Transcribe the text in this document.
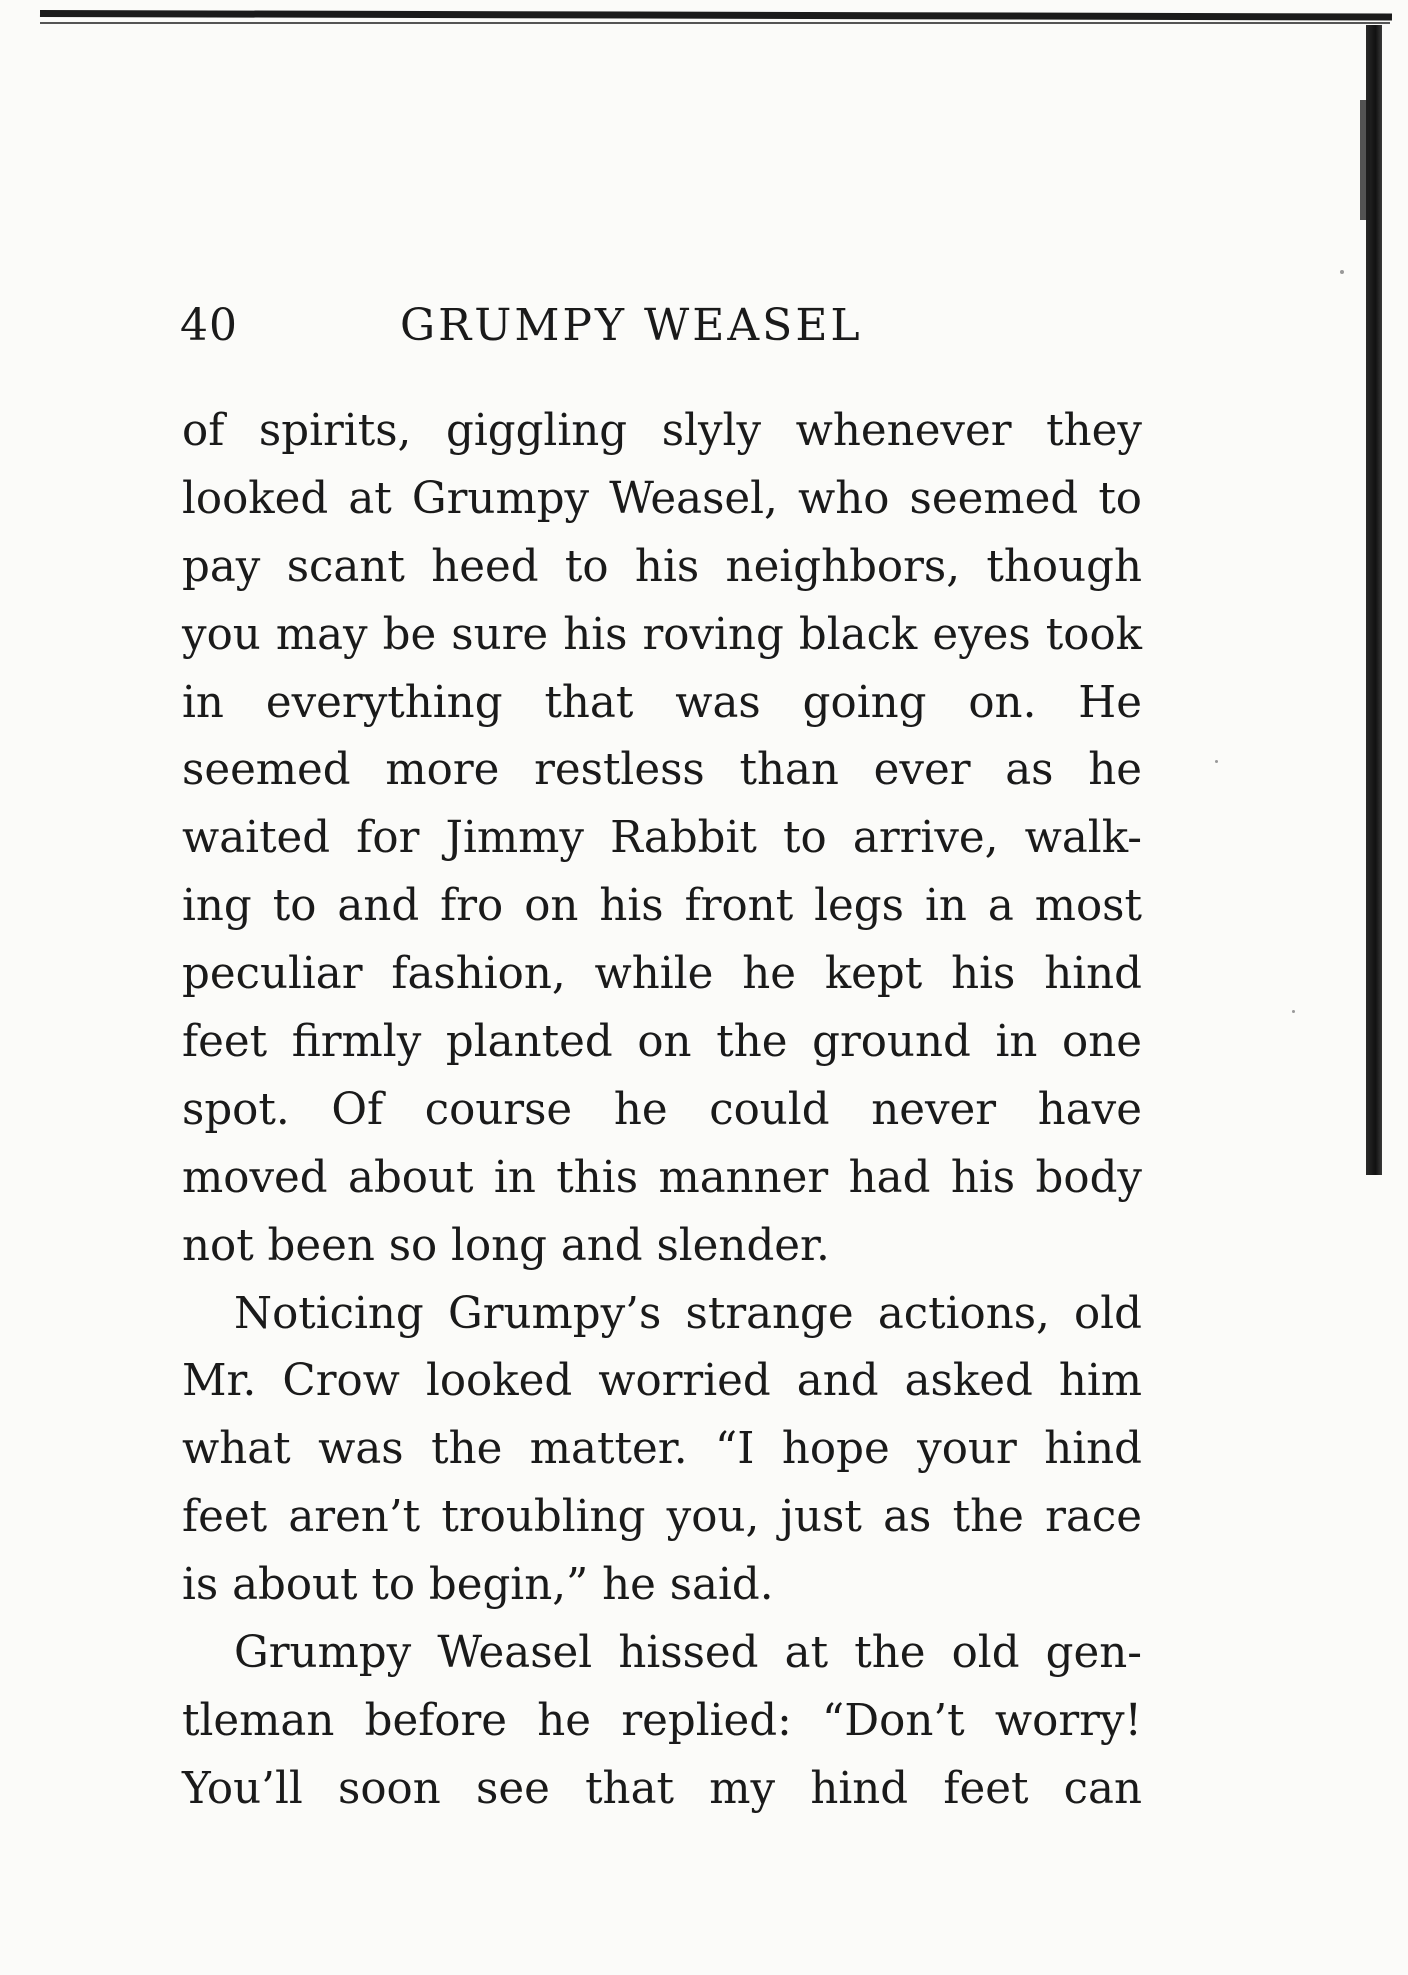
40	GRUMPY WEASEL
of spirits, giggling slyly whenever they
looked at Grumpy Weasel, who seemed to
pay scant heed to his neighbors, though
you may be sure his roving black eyes took
in everything that was going on. He
seemed more restless than ever as he
waited for Jimmy Rabbit to arrive, walk-
ing to and fro on his front legs in a most
peculiar fashion, while he kept his hind
feet firmly planted on the ground in one
spot. Of course he could never have
moved about in this manner had his body
not been so long and slender.
Noticing Grumpy’s strange actions, old
Mr. Crow looked worried and asked him
what was the matter. “I hope your hind
feet aren’t troubling you, just as the race
is about to begin,” he said.
Grumpy Weasel hissed at the old gen-
tleman before he replied: “Don’t worry!
You’ll soon see that my hind feet can
